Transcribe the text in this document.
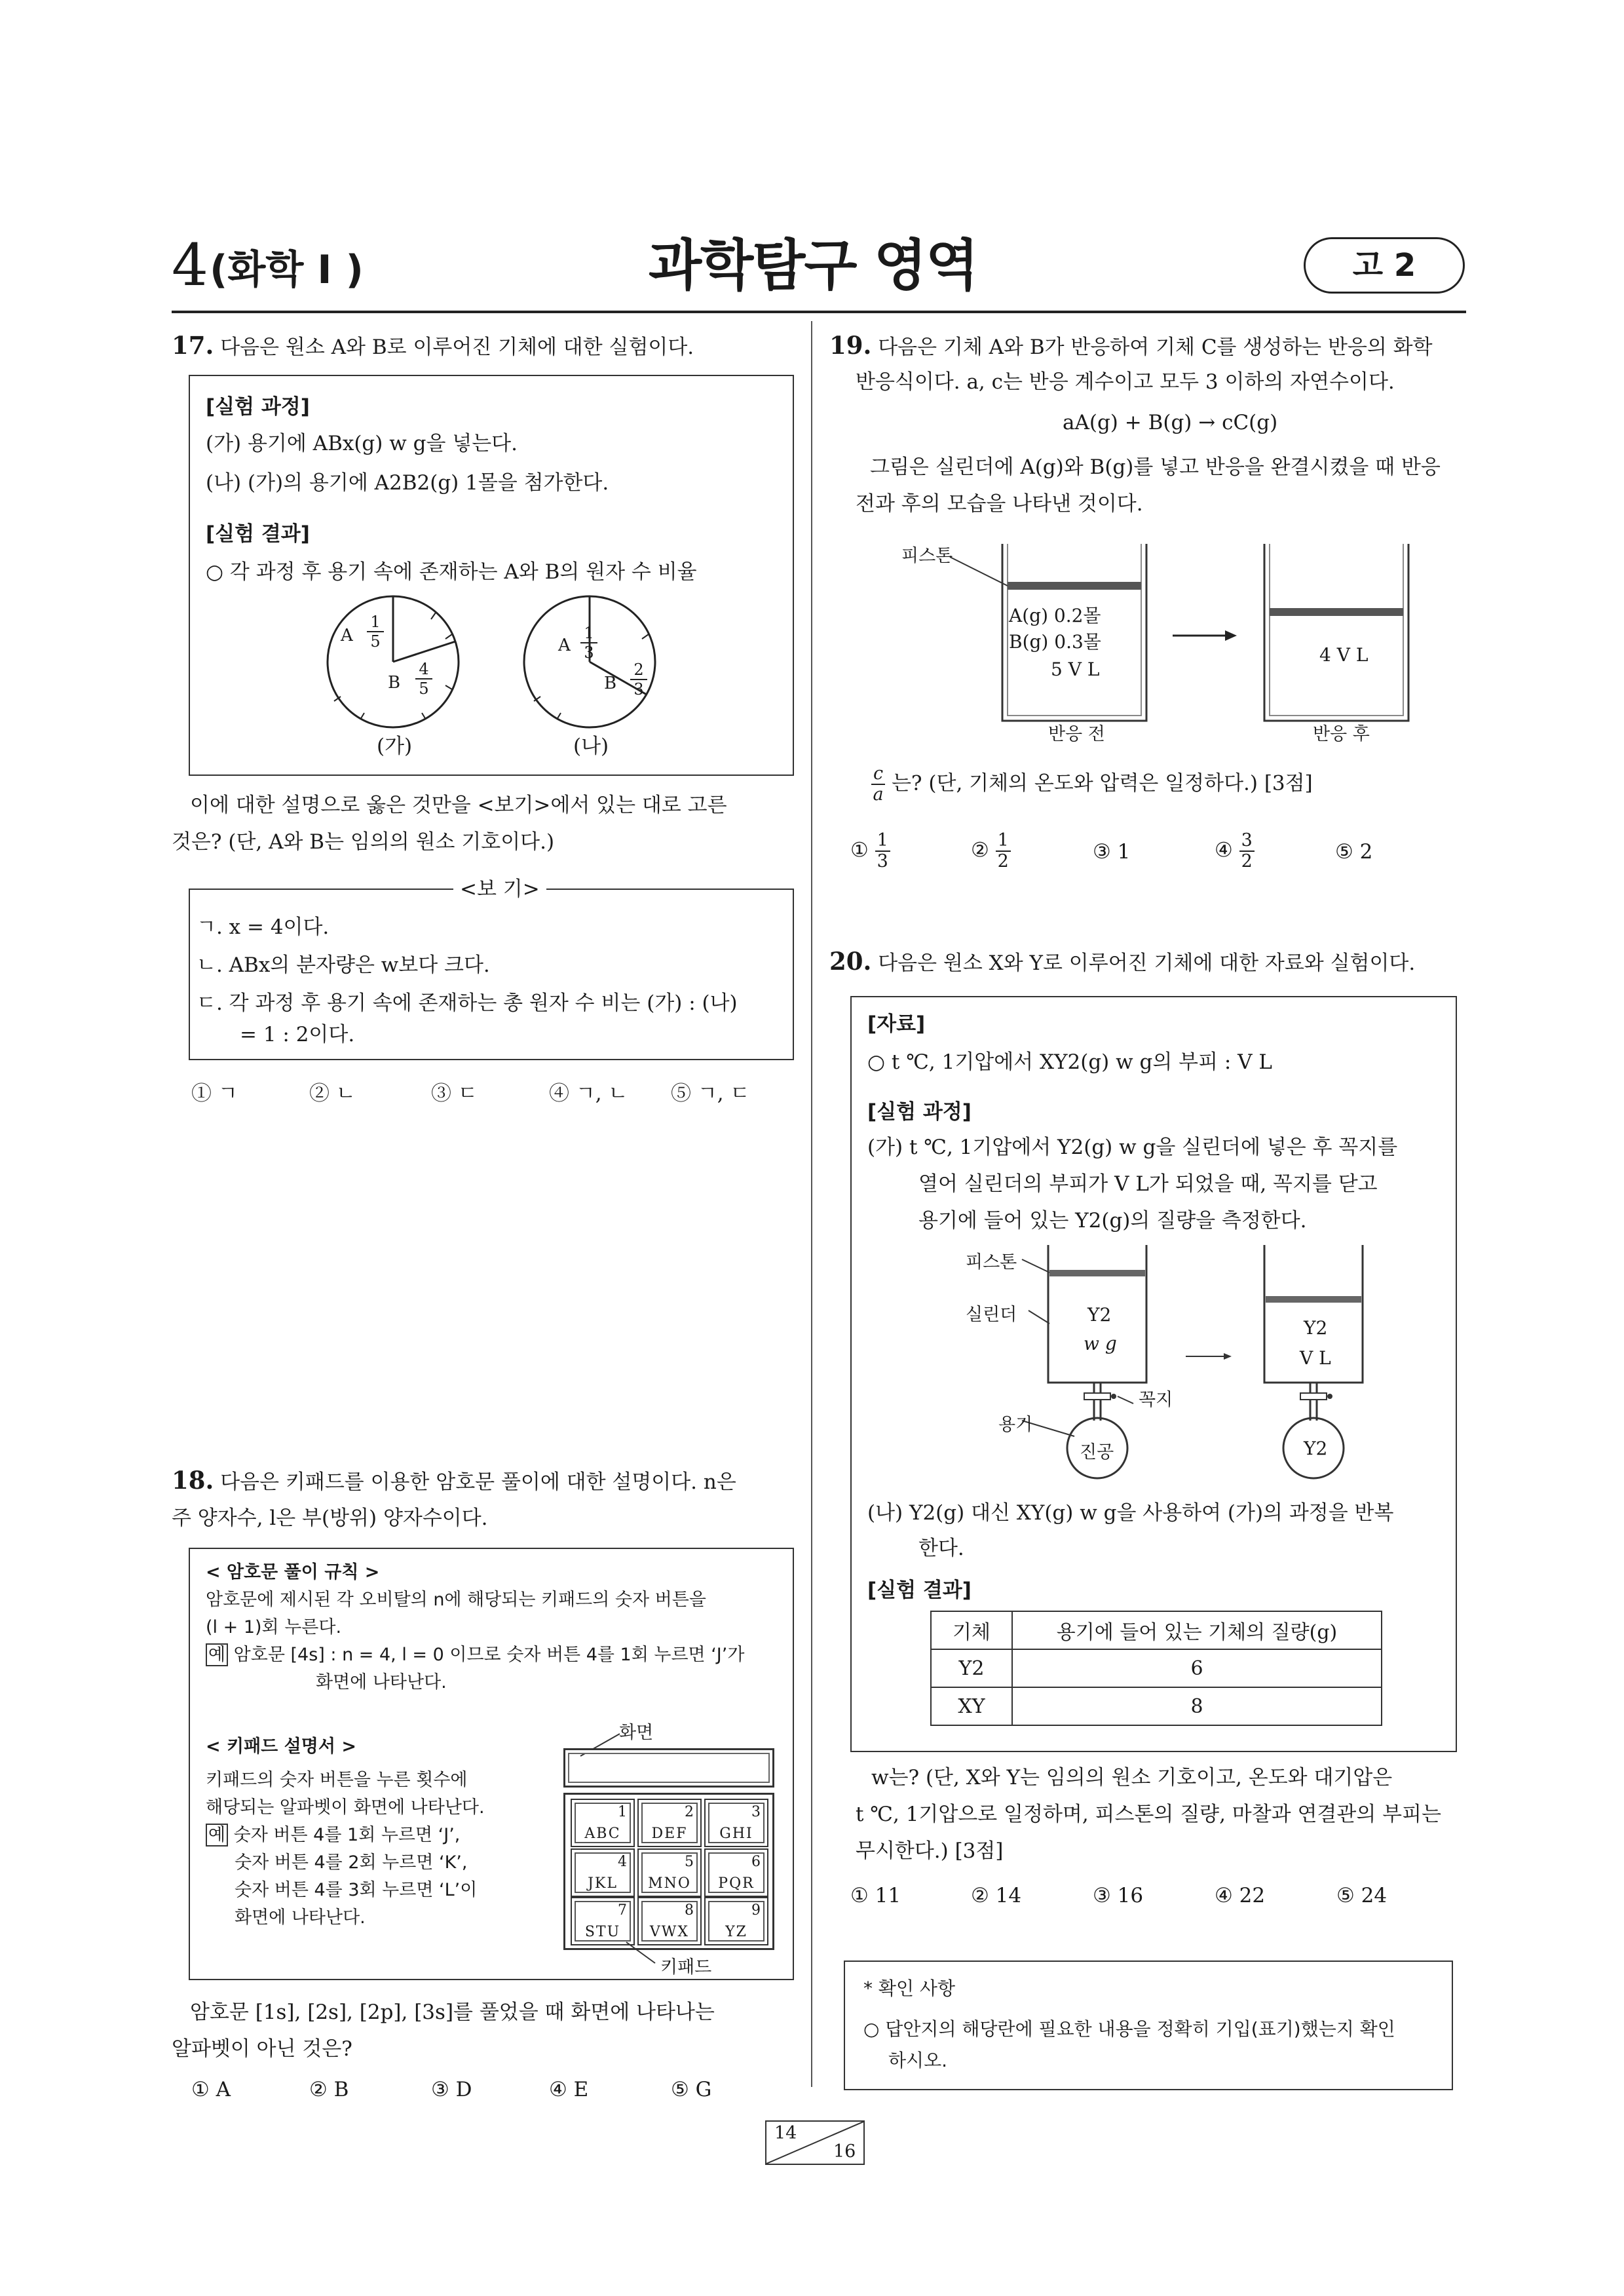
4 (화학 I )	과학탐구 영역	고 2
17. 다음은 원소 A와 B로 이루어진 기체에 대한 실험이다.
[실험 과정]
(가) 용기에 ABx(g) w g을 넣는다.
(나) (가)의 용기에 A2B2(g) 1몰을 첨가한다.
[실험 결과]
○ 각 과정 후 용기 속에 존재하는 A와 B의 원자 수 비율
A
1
5
B
4
5
(가)
A
1
3
B
2
3
(나)
이에 대한 설명으로 옳은 것만을 <보기>에서 있는 대로 고른
것은? (단, A와 B는 임의의 원소 기호이다.)
<보 기>
ㄱ. x = 4이다.
ㄴ. ABx의 분자량은 w보다 크다.
ㄷ. 각 과정 후 용기 속에 존재하는 총 원자 수 비는 (가) : (나)
= 1 : 2이다.
① ㄱ	② ㄴ	③ ㄷ	④ ㄱ, ㄴ ⑤ ㄱ, ㄷ
18. 다음은 키패드를 이용한 암호문 풀이에 대한 설명이다. n은
주 양자수, l은 부(방위) 양자수이다.
< 암호문 풀이 규칙 >
암호문에 제시된 각 오비탈의 n에 해당되는 키패드의 숫자 버튼을
(l + 1)회 누른다.
예 암호문 [4s] : n = 4, l = 0 이므로 숫자 버튼 4를 1회 누르면 ‘J’가
화면에 나타난다.
< 키패드 설명서 >
키패드의 숫자 버튼을 누른 횟수에
해당되는 알파벳이 화면에 나타난다.
예 숫자 버튼 4를 1회 누르면 ‘J’,
숫자 버튼 4를 2회 누르면 ‘K’,
숫자 버튼 4를 3회 누르면 ‘L’이
화면에 나타난다.
화면
1
ABC
2
DEF
3
GHI
4
JKL
5
MNO
6
PQR
7
STU
8
VWX
9
YZ
키패드
암호문 [1s], [2s], [2p], [3s]를 풀었을 때 화면에 나타나는
알파벳이 아닌 것은?
① A	② B	③ D	④ E	⑤ G
19. 다음은 기체 A와 B가 반응하여 기체 C를 생성하는 반응의 화학
반응식이다. a, c는 반응 계수이고 모두 3 이하의 자연수이다.
aA(g) + B(g) → cC(g)
그림은 실린더에 A(g)와 B(g)를 넣고 반응을 완결시켰을 때 반응
전과 후의 모습을 나타낸 것이다.
피스톤
A(g) 0.2몰
B(g) 0.3몰
5 V L
4 V L
반응 전	반응 후
$\frac{c}{a}$ 는? (단, 기체의 온도와 압력은 일정하다.) [3점]
① $\frac{1}{3}$	② $\frac{1}{2}$	③ 1	④ $\frac{3}{2}$	⑤ 2
20. 다음은 원소 X와 Y로 이루어진 기체에 대한 자료와 실험이다.
[자료]
○ t ℃, 1기압에서 XY2(g) w g의 부피 : V L
[실험 과정]
(가) t ℃, 1기압에서 Y2(g) w g을 실린더에 넣은 후 꼭지를
열어 실린더의 부피가 V L가 되었을 때, 꼭지를 닫고
용기에 들어 있는 Y2(g)의 질량을 측정한다.
피스톤
실린더
꼭지
용기
진공
Y2
w g
Y2
V L
Y2
(나) Y2(g) 대신 XY(g) w g을 사용하여 (가)의 과정을 반복
한다.
[실험 결과]
기체	용기에 들어 있는 기체의 질량(g)
Y2	6
XY	8
w는? (단, X와 Y는 임의의 원소 기호이고, 온도와 대기압은
t ℃, 1기압으로 일정하며, 피스톤의 질량, 마찰과 연결관의 부피는
무시한다.) [3점]
① 11	② 14	③ 16	④ 22	⑤ 24
* 확인 사항
○ 답안지의 해당란에 필요한 내용을 정확히 기입(표기)했는지 확인
하시오.
14
16
